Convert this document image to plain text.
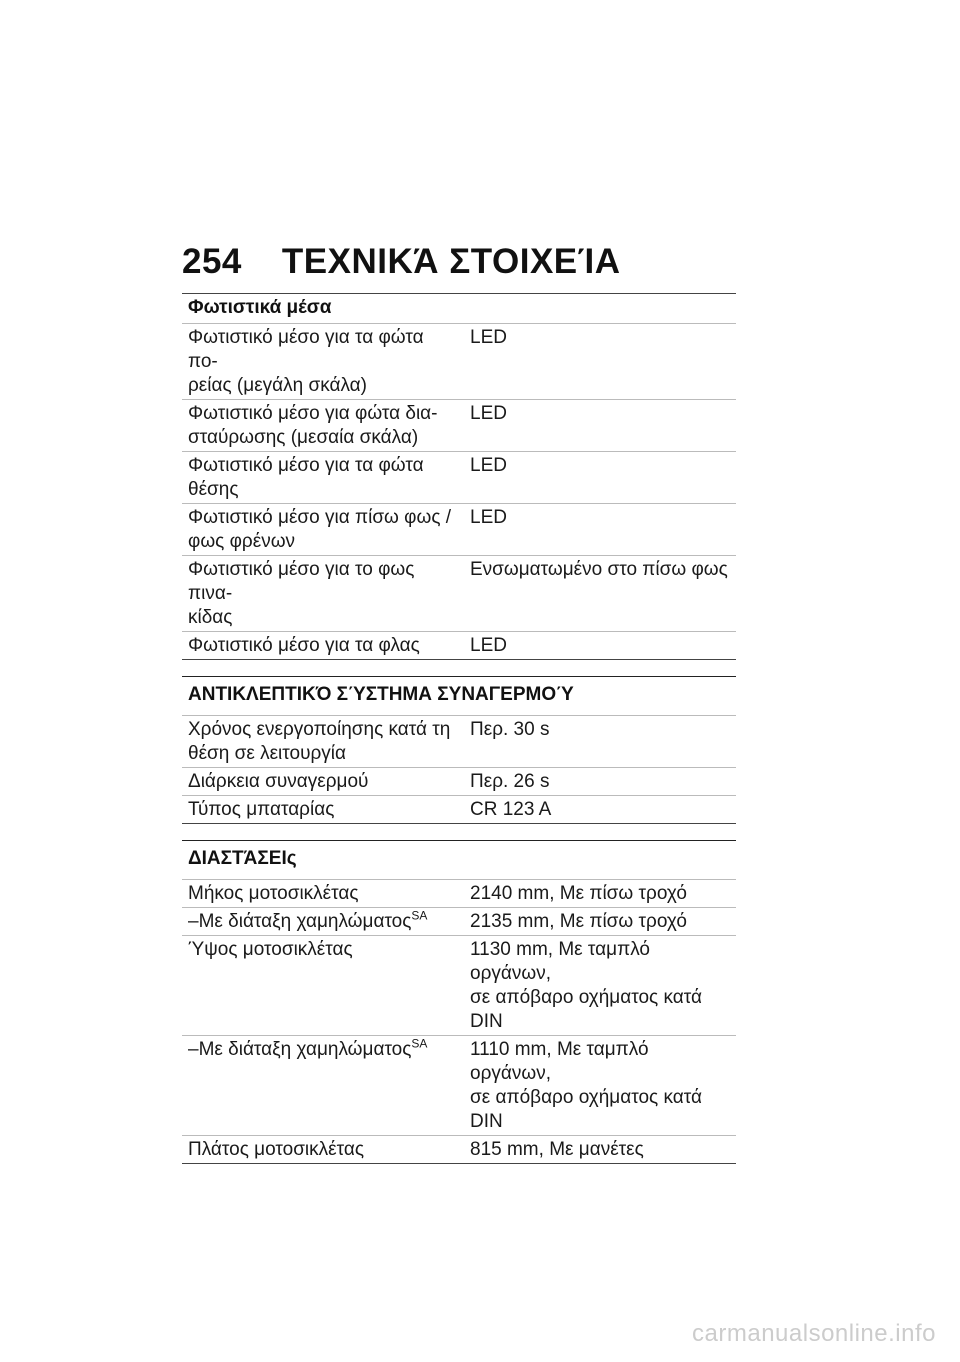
254 ΤΕΧΝΙΚΆ ΣΤΟΙΧΕΊΑ
Φωτιστικά μέσα
Φωτιστικό μέσο για τα φώτα πο-
ρείας (μεγάλη σκάλα)	LED
Φωτιστικό μέσο για φώτα δια-
σταύρωσης (μεσαία σκάλα)	LED
Φωτιστικό μέσο για τα φώτα
θέσης	LED
Φωτιστικό μέσο για πίσω φως /
φως φρένων	LED
Φωτιστικό μέσο για το φως πινα-
κίδας	Ενσωματωμένο στο πίσω φως
Φωτιστικό μέσο για τα φλας	LED
ΑΝΤΙΚΛΕΠΤΙΚΌ ΣΎΣΤΗΜΑ ΣΥΝΑΓΕΡΜΟΎ
Χρόνος ενεργοποίησης κατά τη
θέση σε λειτουργία	Περ. 30 s
Διάρκεια συναγερμού	Περ. 26 s
Τύπος μπαταρίας	CR 123 A
ΔΙΑΣΤΆΣΕΙς
Μήκος μοτοσικλέτας	2140 mm, Με πίσω τροχό
–Με διάταξη χαμηλώματος$^{SA}$	2135 mm, Με πίσω τροχό
Ύψος μοτοσικλέτας	1130 mm, Με ταμπλό οργάνων,
σε απόβαρο οχήματος κατά DIN
–Με διάταξη χαμηλώματος$^{SA}$	1110 mm, Με ταμπλό οργάνων,
σε απόβαρο οχήματος κατά DIN
Πλάτος μοτοσικλέτας	815 mm, Με μανέτες
carmanualsonline.info
